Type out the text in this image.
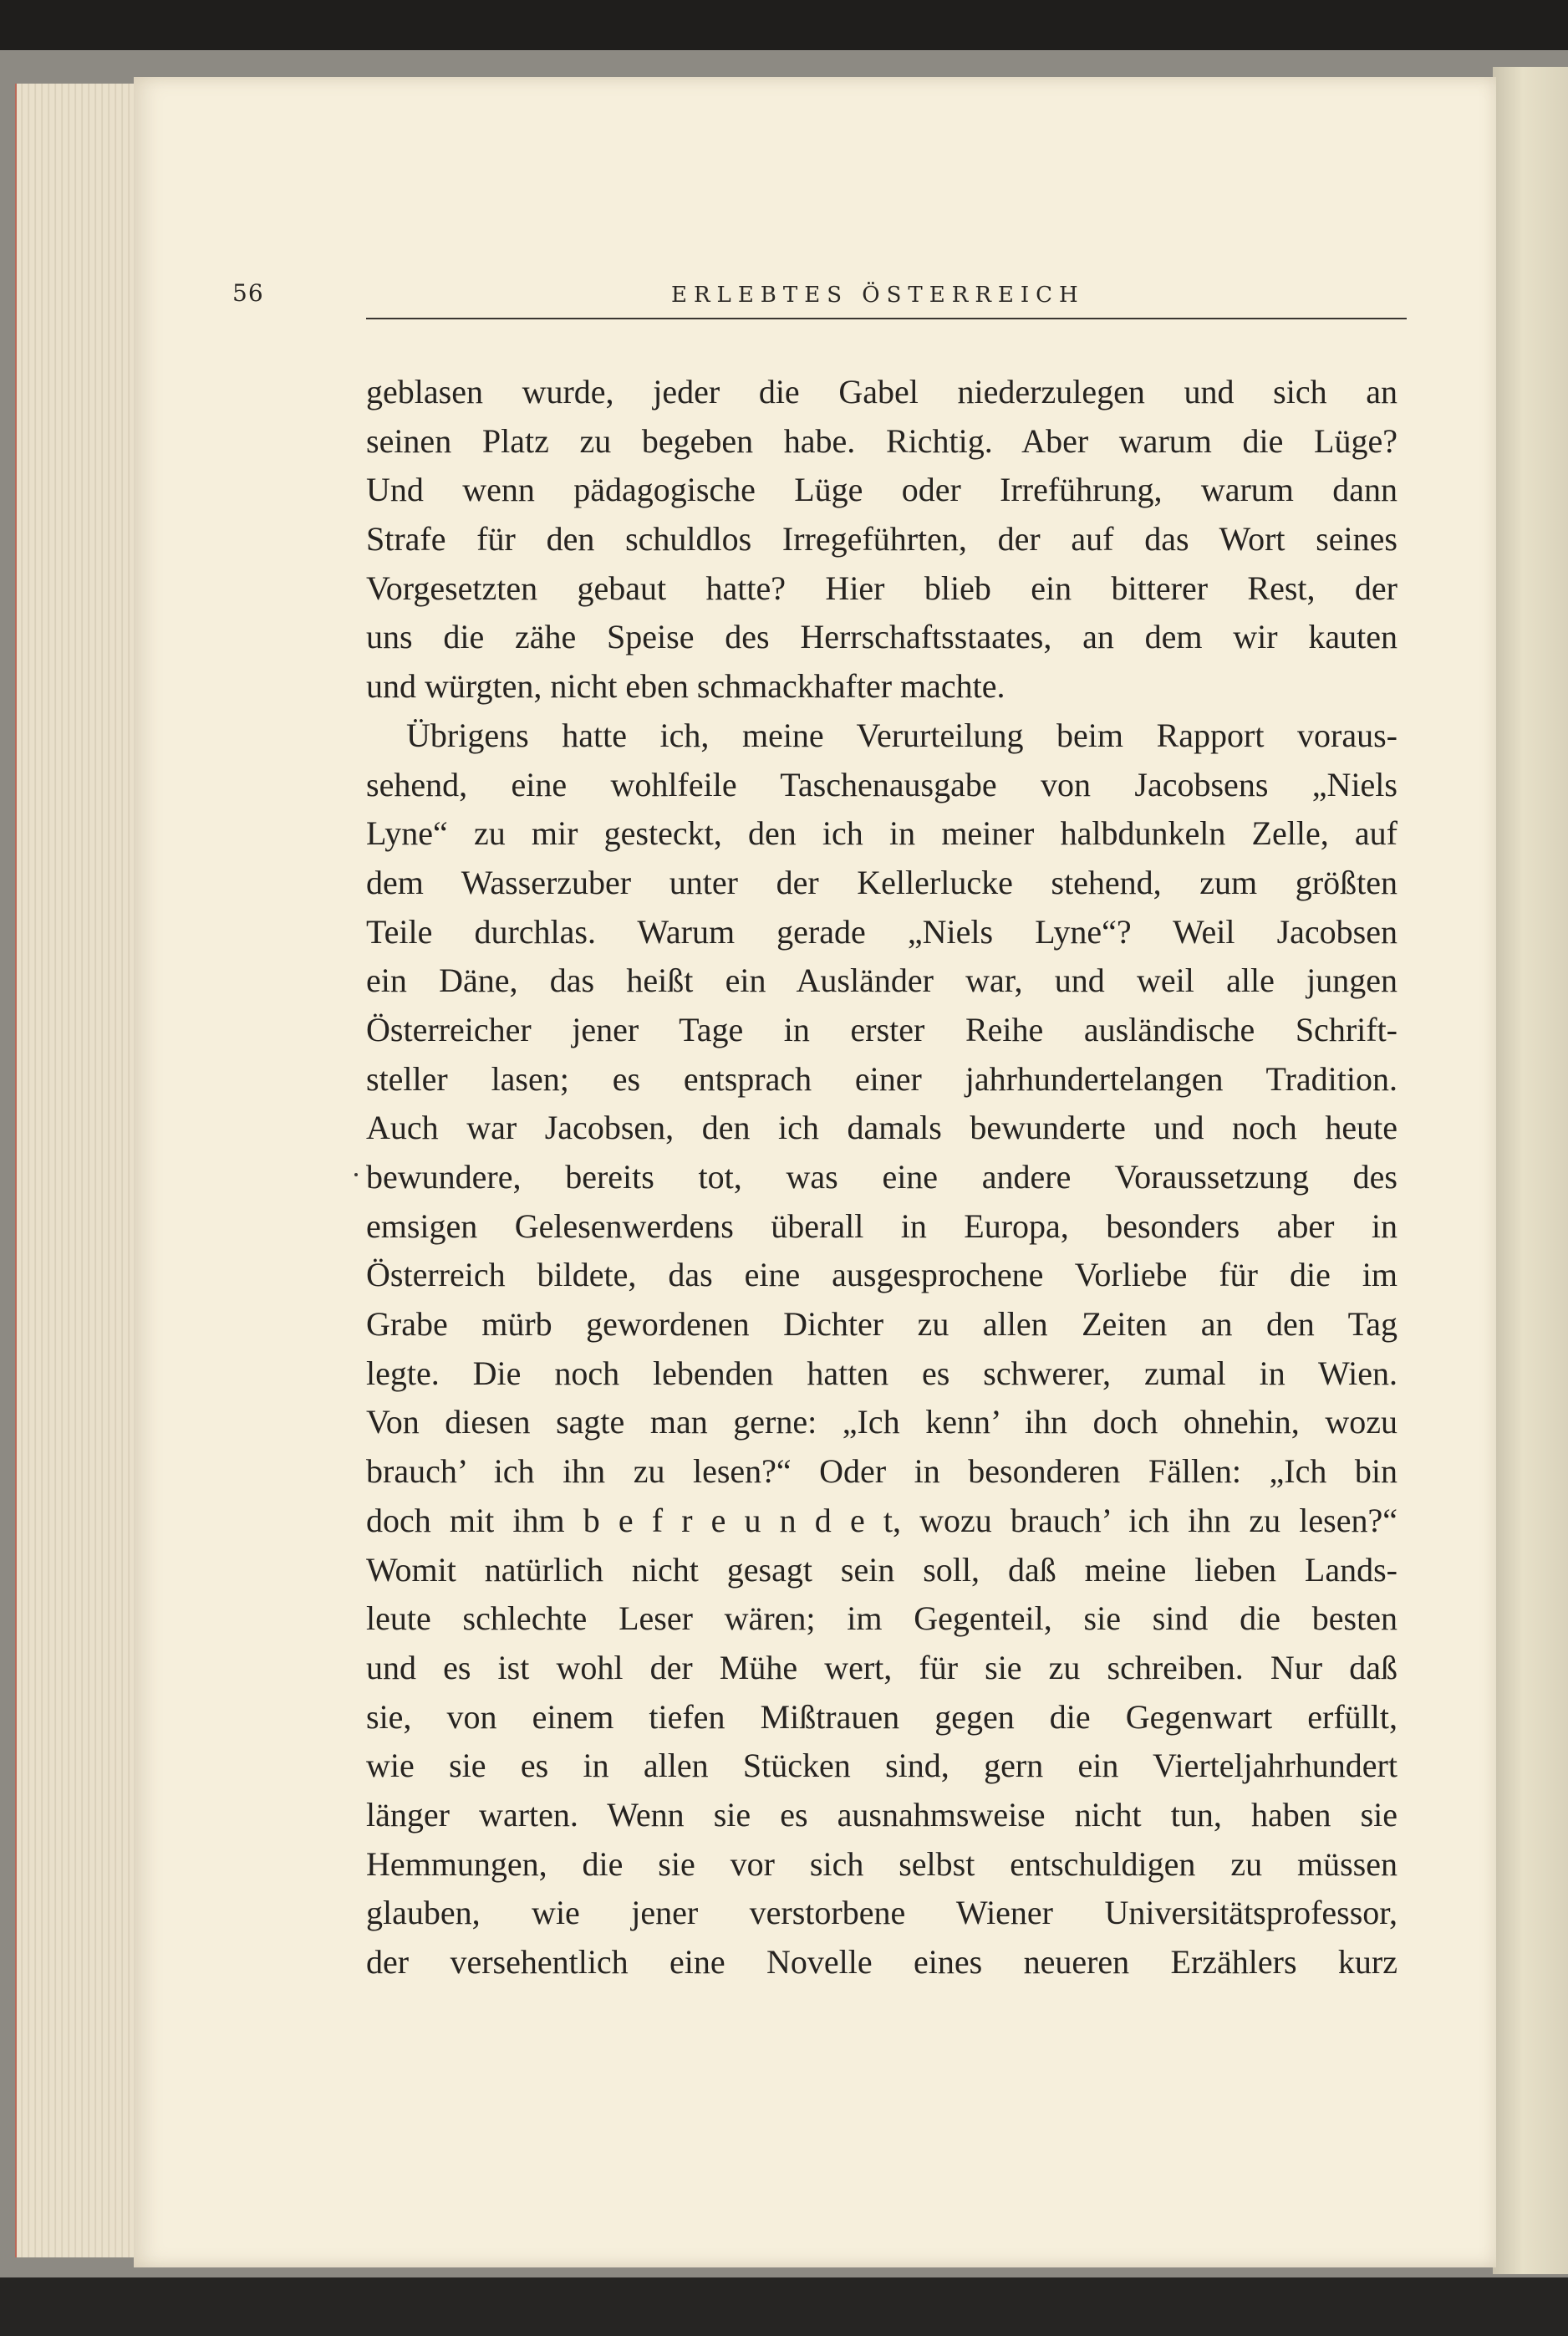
56	ERLEBTES ÖSTERREICH
geblasen wurde, jeder die Gabel niederzulegen und sich an
seinen Platz zu begeben habe. Richtig. Aber warum die Lüge?
Und wenn pädagogische Lüge oder Irreführung, warum dann
Strafe für den schuldlos Irregeführten, der auf das Wort seines
Vorgesetzten gebaut hatte? Hier blieb ein bitterer Rest, der
uns die zähe Speise des Herrschaftsstaates, an dem wir kauten
und würgten, nicht eben schmackhafter machte.
Übrigens hatte ich, meine Verurteilung beim Rapport voraus-
sehend, eine wohlfeile Taschenausgabe von Jacobsens „Niels
Lyne“ zu mir gesteckt, den ich in meiner halbdunkeln Zelle, auf
dem Wasserzuber unter der Kellerlucke stehend, zum größten
Teile durchlas. Warum gerade „Niels Lyne“? Weil Jacobsen
ein Däne, das heißt ein Ausländer war, und weil alle jungen
Österreicher jener Tage in erster Reihe ausländische Schrift-
steller lasen; es entsprach einer jahrhundertelangen Tradition.
Auch war Jacobsen, den ich damals bewunderte und noch heute
bewundere, bereits tot, was eine andere Voraussetzung des
emsigen Gelesenwerdens überall in Europa, besonders aber in
Österreich bildete, das eine ausgesprochene Vorliebe für die im
Grabe mürb gewordenen Dichter zu allen Zeiten an den Tag
legte. Die noch lebenden hatten es schwerer, zumal in Wien.
Von diesen sagte man gerne: „Ich kenn’ ihn doch ohnehin, wozu
brauch’ ich ihn zu lesen?“ Oder in besonderen Fällen: „Ich bin
doch mit ihm b e f r e u n d e t, wozu brauch’ ich ihn zu lesen?“
Womit natürlich nicht gesagt sein soll, daß meine lieben Lands-
leute schlechte Leser wären; im Gegenteil, sie sind die besten
und es ist wohl der Mühe wert, für sie zu schreiben. Nur daß
sie, von einem tiefen Mißtrauen gegen die Gegenwart erfüllt,
wie sie es in allen Stücken sind, gern ein Vierteljahrhundert
länger warten. Wenn sie es ausnahmsweise nicht tun, haben sie
Hemmungen, die sie vor sich selbst entschuldigen zu müssen
glauben, wie jener verstorbene Wiener Universitätsprofessor,
der versehentlich eine Novelle eines neueren Erzählers kurz
